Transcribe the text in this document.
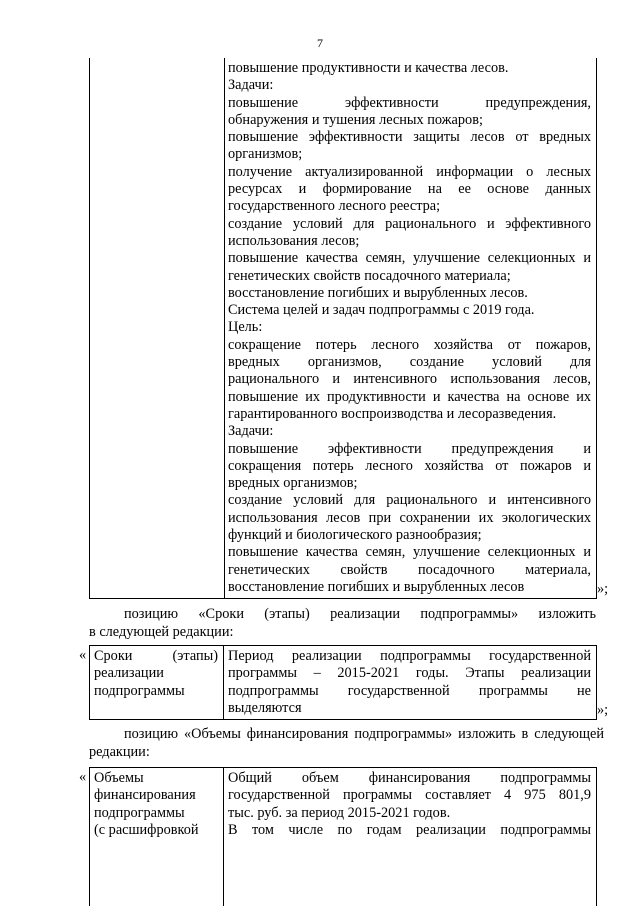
7
повышение продуктивности и качества лесов.
Задачи:
повышение эффективности предупреждения,
обнаружения и тушения лесных пожаров;
повышение эффективности защиты лесов от вредных
организмов;
получение актуализированной информации о лесных
ресурсах и формирование на ее основе данных
государственного лесного реестра;
создание условий для рационального и эффективного
использования лесов;
повышение качества семян, улучшение селекционных и
генетических свойств посадочного материала;
восстановление погибших и вырубленных лесов.
Система целей и задач подпрограммы с 2019 года.
Цель:
сокращение потерь лесного хозяйства от пожаров,
вредных организмов, создание условий для
рационального и интенсивного использования лесов,
повышение их продуктивности и качества на основе их
гарантированного воспроизводства и лесоразведения.
Задачи:
повышение эффективности предупреждения и
сокращения потерь лесного хозяйства от пожаров и
вредных организмов;
создание условий для рационального и интенсивного
использования лесов при сохранении их экологических
функций и биологического разнообразия;
повышение качества семян, улучшение селекционных и
генетических свойств посадочного материала,
восстановление погибших и вырубленных лесов	»;
позицию «Сроки (этапы) реализации подпрограммы» изложить
в следующей редакции:
« Сроки (этапы)
реализации
подпрограммы
Период реализации подпрограммы государственной
программы – 2015-2021 годы. Этапы реализации
подпрограммы государственной программы не
выделяются	»;
позицию «Объемы финансирования подпрограммы» изложить в следующей
редакции:
« Объемы
финансирования
подпрограммы
(с расшифровкой
Общий объем финансирования подпрограммы
государственной программы составляет 4 975 801,9
тыс. руб. за период 2015-2021 годов.
В том числе по годам реализации подпрограммы
